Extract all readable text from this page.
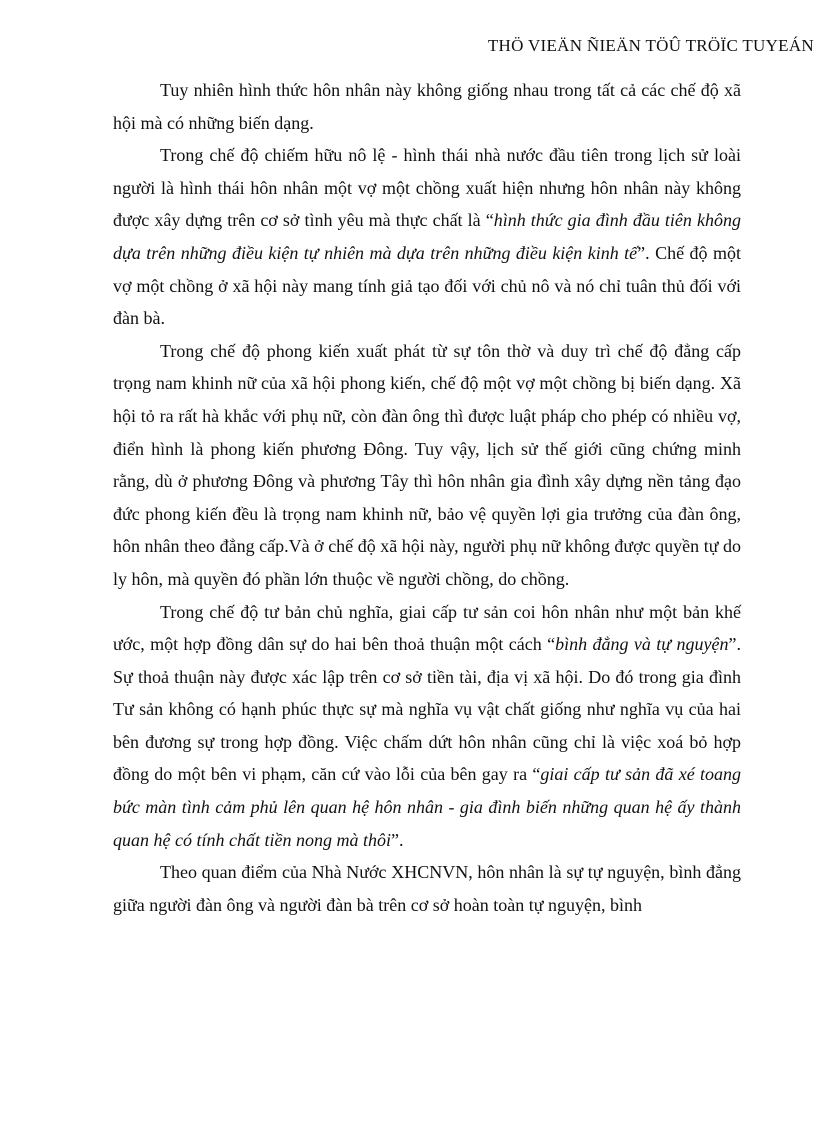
THÖ VIEÄN ÑIEÄN TÖÛ TRÖÏC TUYEÁN

Tuy nhiên hình thức hôn nhân này không giống nhau trong tất cả các chế độ xã hội mà có những biến dạng.

Trong chế độ chiếm hữu nô lệ - hình thái nhà nước đầu tiên trong lịch sử loài người là hình thái hôn nhân một vợ một chồng xuất hiện nhưng hôn nhân này không được xây dựng trên cơ sở tình yêu mà thực chất là “hình thức gia đình đầu tiên không dựa trên những điều kiện tự nhiên mà dựa trên những điều kiện kinh tế”. Chế độ một vợ một chồng ở xã hội này mang tính giả tạo đối với chủ nô và nó chỉ tuân thủ đối với đàn bà.

Trong chế độ phong kiến xuất phát từ sự tôn thờ và duy trì chế độ đẳng cấp trọng nam khinh nữ của xã hội phong kiến, chế độ một vợ một chồng bị biến dạng. Xã hội tỏ ra rất hà khắc với phụ nữ, còn đàn ông thì được luật pháp cho phép có nhiều vợ, điển hình là phong kiến phương Đông. Tuy vậy, lịch sử thế giới cũng chứng minh rằng, dù ở phương Đông và phương Tây thì hôn nhân gia đình xây dựng nền tảng đạo đức phong kiến đều là trọng nam khinh nữ, bảo vệ quyền lợi gia trưởng của đàn ông, hôn nhân theo đẳng cấp.Và ở chế độ xã hội này, người phụ nữ không được quyền tự do ly hôn, mà quyền đó phần lớn thuộc về người chồng, do chồng.

Trong chế độ tư bản chủ nghĩa, giai cấp tư sản coi hôn nhân như một bản khế ước, một hợp đồng dân sự do hai bên thoả thuận một cách “bình đẳng và tự nguyện”. Sự thoả thuận này được xác lập trên cơ sở tiền tài, địa vị xã hội. Do đó trong gia đình Tư sản không có hạnh phúc thực sự mà nghĩa vụ vật chất giống như nghĩa vụ của hai bên đương sự trong hợp đồng. Việc chấm dứt hôn nhân cũng chỉ là việc xoá bỏ hợp đồng do một bên vi phạm, căn cứ vào lỗi của bên gay ra “giai cấp tư sản đã xé toang bức màn tình cảm phủ lên quan hệ hôn nhân - gia đình biến những quan hệ ấy thành quan hệ có tính chất tiền nong mà thôi”.

Theo quan điểm của Nhà Nước XHCNVN, hôn nhân là sự tự nguyện, bình đẳng giữa người đàn ông và người đàn bà trên cơ sở hoàn toàn tự nguyện, bình
